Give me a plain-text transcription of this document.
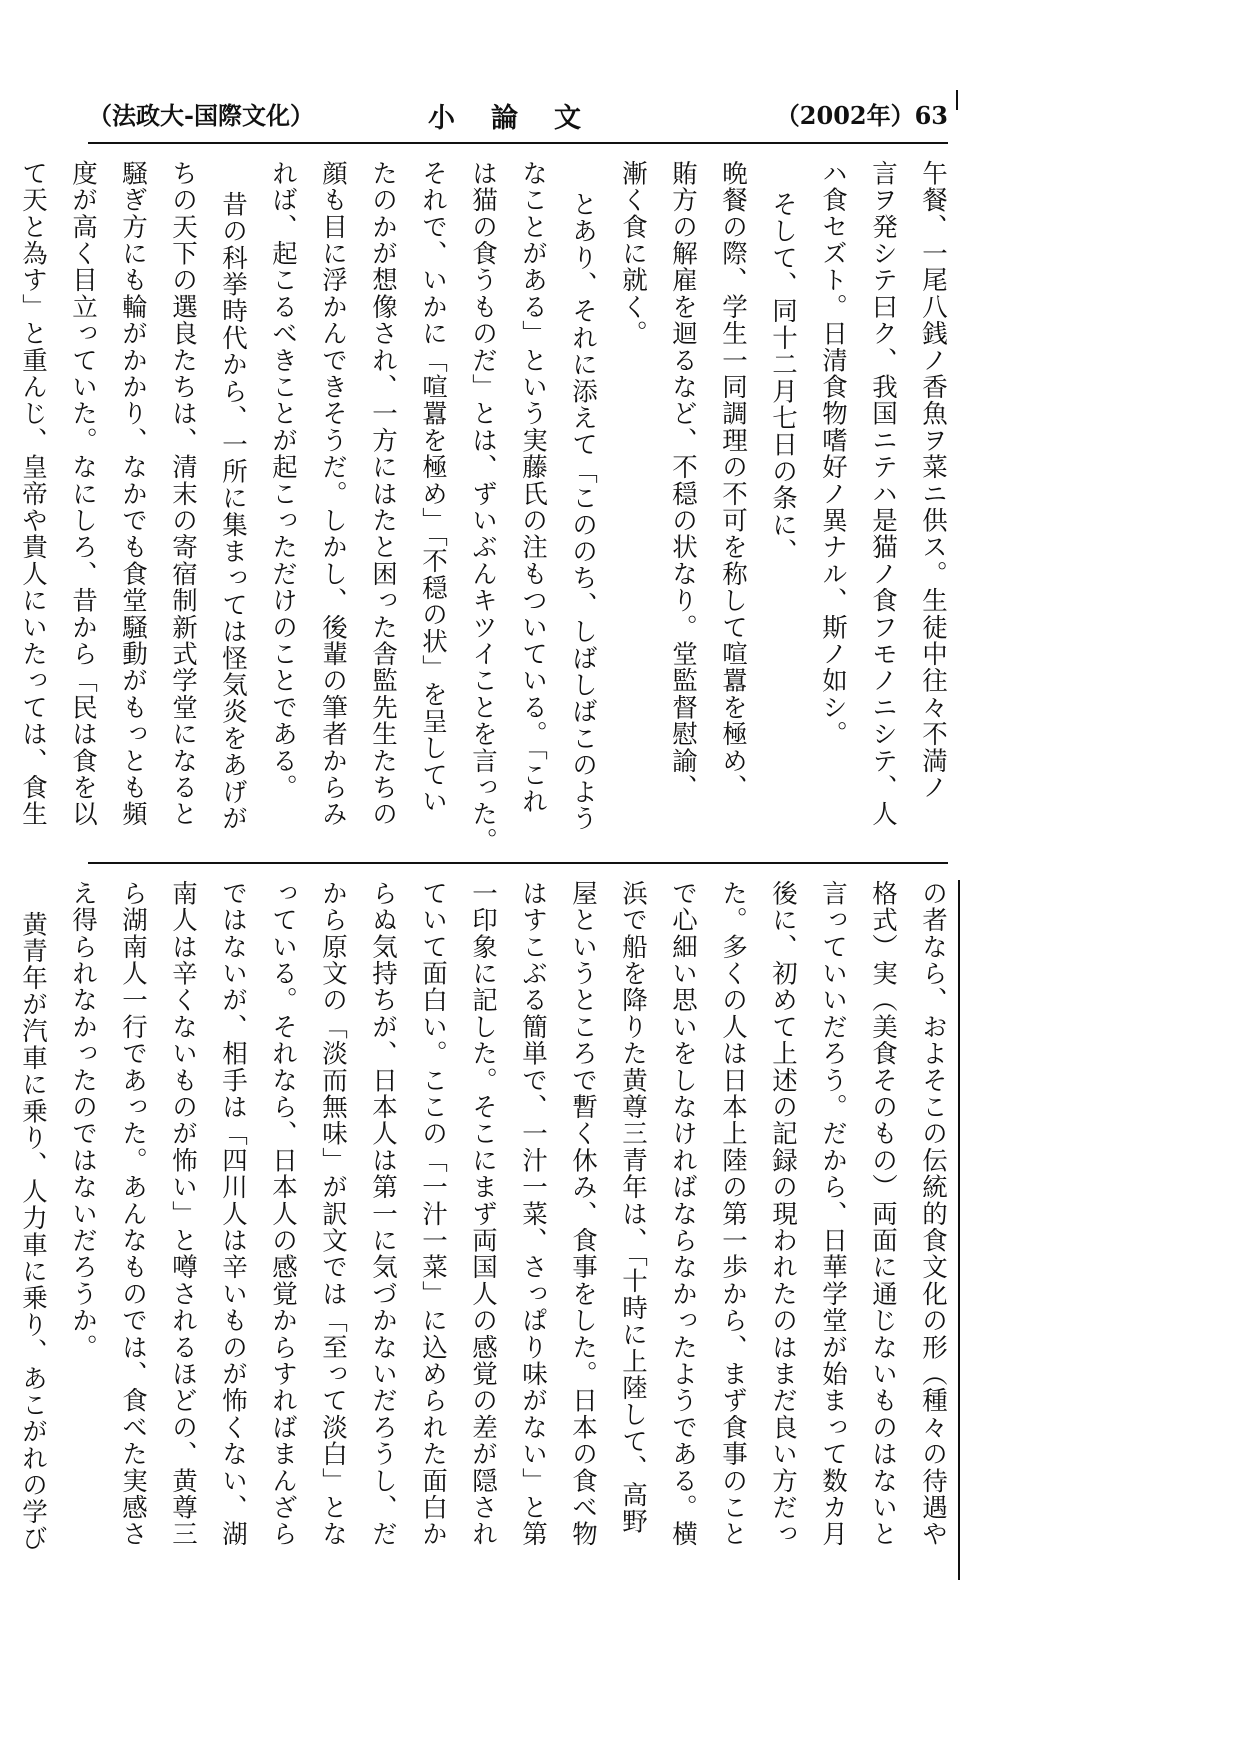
（法政大-国際文化）	小論文	（2002年）63

午餐、一尾八銭ノ香魚ヲ菜ニ供ス。生徒中往々不満ノ

言ヲ発シテ曰ク、我国ニテハ是猫ノ食フモノニシテ、人

ハ食セズト。日清食物嗜好ノ異ナル、斯ノ如シ。

そして、同十二月七日の条に、

晩餐の際、学生一同調理の不可を称して喧囂を極め、

賄方の解雇を迴るなど、不穏の状なり。堂監督慰諭、

漸く食に就く。

とあり、それに添えて「こののち、しばしばこのよう

なことがある」という実藤氏の注もついている。「これ

は猫の食うものだ」とは、ずいぶんキツイことを言った。

それで、いかに「喧囂を極め」「不穏の状」を呈してい

たのかが想像され、一方にはたと困った舎監先生たちの

顔も目に浮かんできそうだ。しかし、後輩の筆者からみ

れば、起こるべきことが起こっただけのことである。

昔の科挙時代から、一所に集まっては怪気炎をあげが

ちの天下の選良たちは、清末の寄宿制新式学堂になると

騒ぎ方にも輪がかかり、なかでも食堂騒動がもっとも頻

度が高く目立っていた。なにしろ、昔から「民は食を以

て天と為す」と重んじ、皇帝や貴人にいたっては、食生

の者なら、およそこの伝統的食文化の形（種々の待遇や

格式）実（美食そのもの）両面に通じないものはないと

言っていいだろう。だから、日華学堂が始まって数カ月

後に、初めて上述の記録の現われたのはまだ良い方だっ

た。多くの人は日本上陸の第一歩から、まず食事のこと

で心細い思いをしなければならなかったようである。横

浜で船を降りた黄尊三青年は、「十時に上陸して、高野

屋というところで暫く休み、食事をした。日本の食べ物

はすこぶる簡単で、一汁一菜、さっぱり味がない」と第

一印象に記した。そこにまず両国人の感覚の差が隠され

ていて面白い。ここの「一汁一菜」に込められた面白か

らぬ気持ちが、日本人は第一に気づかないだろうし、だ

から原文の「淡而無味」が訳文では「至って淡白」とな

っている。それなら、日本人の感覚からすればまんざら

ではないが、相手は「四川人は辛いものが怖くない、湖

南人は辛くないものが怖い」と噂されるほどの、黄尊三

ら湖南人一行であった。あんなものでは、食べた実感さ

え得られなかったのではないだろうか。

黄青年が汽車に乗り、人力車に乗り、あこがれの学び
